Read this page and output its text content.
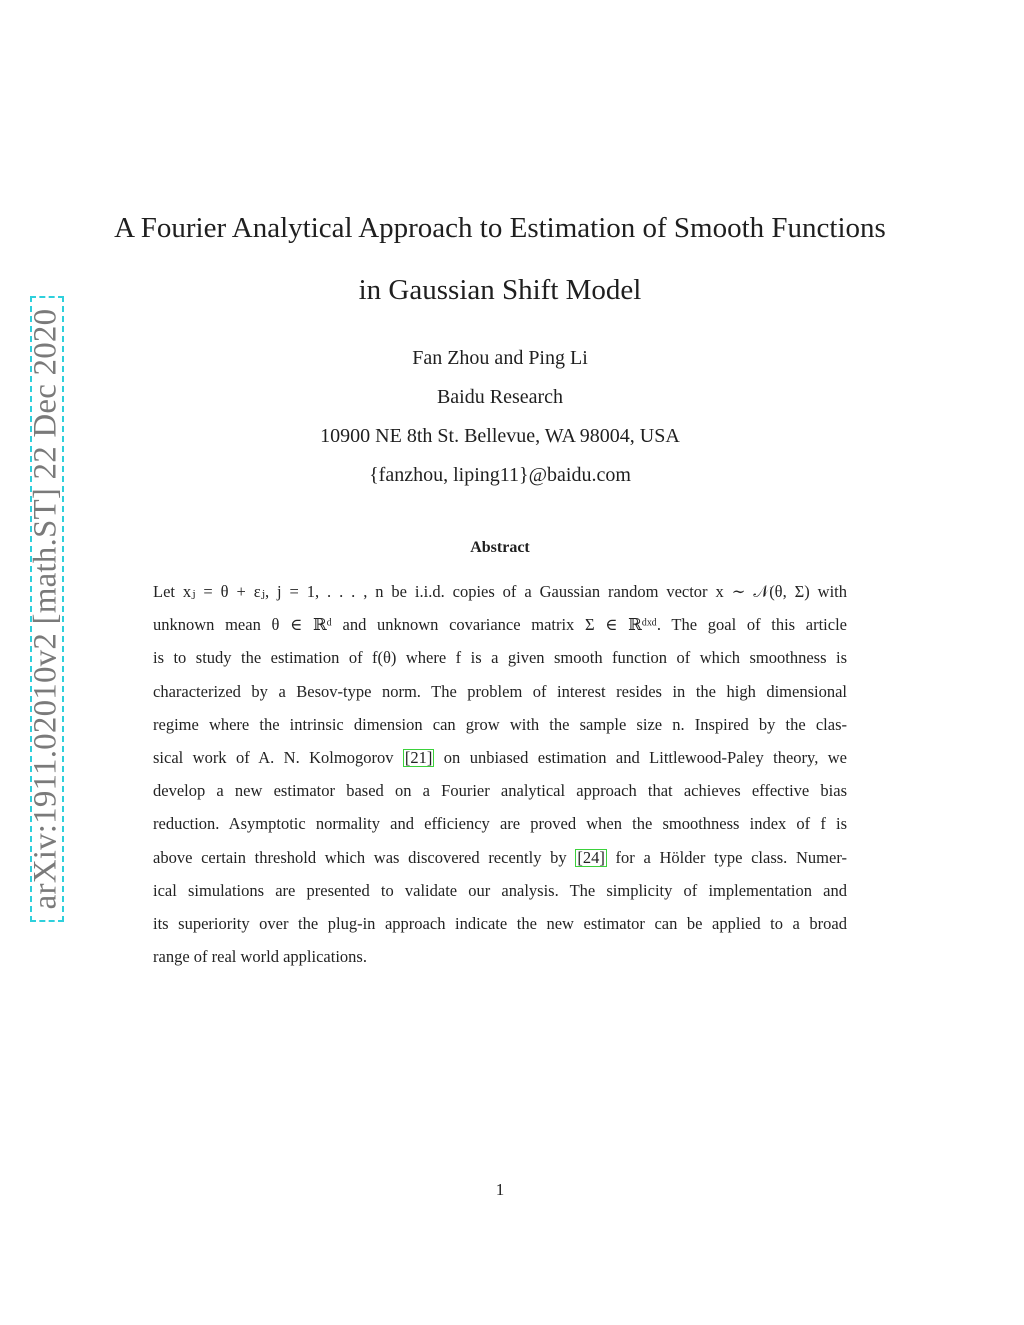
arXiv:1911.02010v2 [math.ST] 22 Dec 2020
A Fourier Analytical Approach to Estimation of Smooth Functions
in Gaussian Shift Model
Fan Zhou and Ping Li
Baidu Research
10900 NE 8th St. Bellevue, WA 98004, USA
{fanzhou, liping11}@baidu.com
Abstract
Let xⱼ = θ + εⱼ, j = 1, . . . , n be i.i.d. copies of a Gaussian random vector x ∼ 𝒩(θ, Σ) with
unknown mean θ ∈ ℝᵈ and unknown covariance matrix Σ ∈ ℝᵈˣᵈ. The goal of this article
is to study the estimation of f(θ) where f is a given smooth function of which smoothness is
characterized by a Besov-type norm. The problem of interest resides in the high dimensional
regime where the intrinsic dimension can grow with the sample size n. Inspired by the clas-
sical work of A. N. Kolmogorov [21] on unbiased estimation and Littlewood-Paley theory, we
develop a new estimator based on a Fourier analytical approach that achieves effective bias
reduction. Asymptotic normality and efficiency are proved when the smoothness index of f is
above certain threshold which was discovered recently by [24] for a Hölder type class. Numer-
ical simulations are presented to validate our analysis. The simplicity of implementation and
its superiority over the plug-in approach indicate the new estimator can be applied to a broad
range of real world applications.
1
